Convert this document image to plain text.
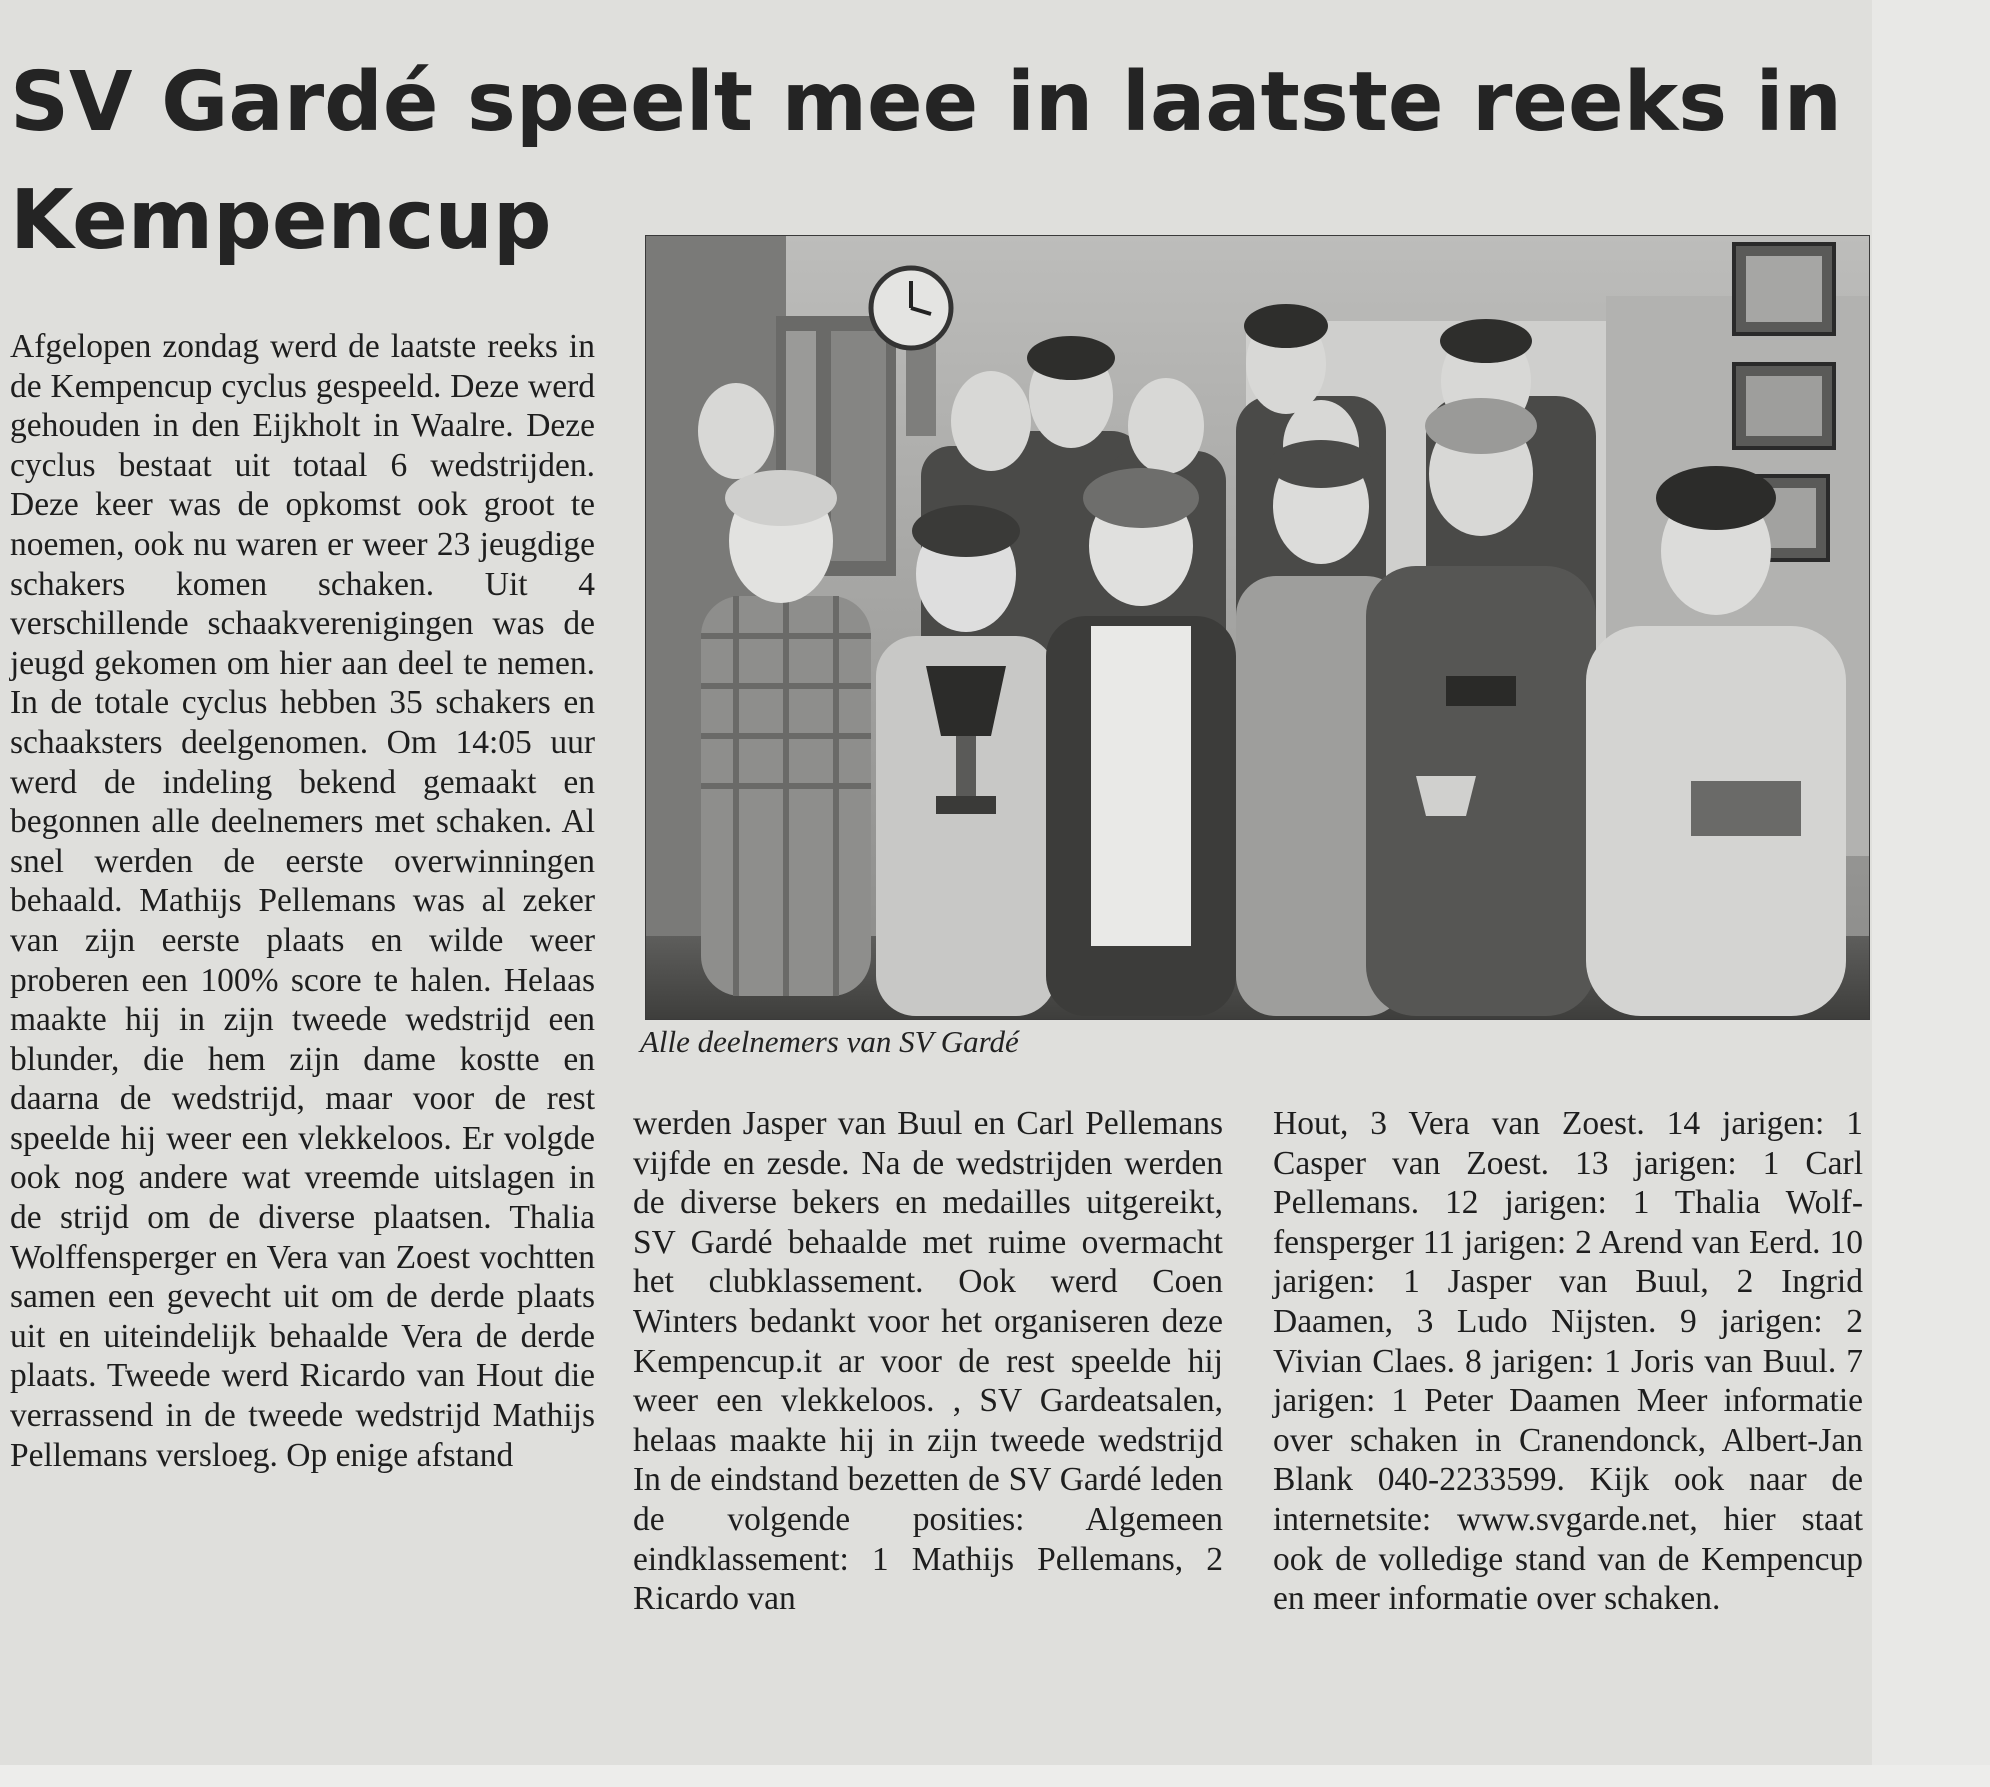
SV Gardé speelt mee in laatste reeks in Kempencup

Afgelopen zondag werd de laatste reeks in de Kempencup cyclus gespeeld. Deze werd gehouden in den Eijkholt in Waalre. Deze cyclus bestaat uit totaal 6 wedstrijden. Deze keer was de opkomst ook groot te noemen, ook nu waren er weer 23 jeugdige schakers komen schaken. Uit 4 verschillende schaakverenigingen was de jeugd gekomen om hier aan deel te nemen. In de totale cyclus hebben 35 schakers en schaaksters deelgenomen. Om 14:05 uur werd de indeling bekend gemaakt en begonnen alle deelnemers met schaken. Al snel werden de eerste overwinningen behaald. Mathijs Pellemans was al zeker van zijn eerste plaats en wilde weer proberen een 100% score te halen. Helaas maakte hij in zijn tweede wedstrijd een blunder, die hem zijn dame kostte en daarna de wedstrijd, maar voor de rest speelde hij weer een vlekkeloos. Er volgde ook nog andere wat vreemde uitslagen in de strijd om de diverse plaatsen. Thalia Wolffensperger en Vera van Zoest vochtten samen een gevecht uit om de derde plaats uit en uiteindelijk behaalde Vera de derde plaats. Tweede werd Ricardo van Hout die verrassend in de tweede wedstrijd Mathijs Pellemans versloeg. Op enige afstand

Alle deelnemers van SV Gardé

werden Jasper van Buul en Carl Pellemans vijfde en zesde. Na de wedstrijden werden de diverse bekers en medailles uitgereikt, SV Gardé behaalde met ruime overmacht het clubklassement. Ook werd Coen Winters bedankt voor het organiseren deze Kempencup.it ar voor de rest speelde hij weer een vlekkeloos. , SV Gardeatsalen, helaas maakte hij in zijn tweede wedstrijd In de eindstand bezetten de SV Gardé leden de volgende posities: Algemeen eindklassement: 1 Mathijs Pellemans, 2 Ricardo van

Hout, 3 Vera van Zoest. 14 jarigen: 1 Casper van Zoest. 13 jarigen: 1 Carl Pellemans. 12 jarigen: 1 Thalia Wolffensperger 11 jarigen: 2 Arend van Eerd. 10 jarigen: 1 Jasper van Buul, 2 Ingrid Daamen, 3 Ludo Nijsten. 9 jarigen: 2 Vivian Claes. 8 jarigen: 1 Joris van Buul. 7 jarigen: 1 Peter Daamen Meer informatie over schaken in Cranendonck, Albert-Jan Blank 040-2233599. Kijk ook naar de internetsite: www.svgarde.net, hier staat ook de volledige stand van de Kempencup en meer informatie over schaken.
